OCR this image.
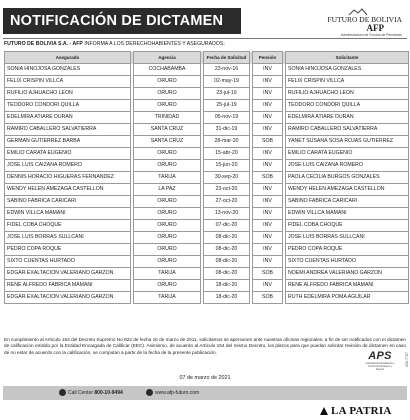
NOTIFICACIÓN DE DICTAMEN	FUTURO DE BOLIVIA
AFP
Administradora de Fondos de Pensiones
FUTURO DE BOLIVIA S.A. - AFP INFORMA A LOS DERECHOHABIENTES Y ASEGURADOS:
Asegurado		Agencia		Fecha de Solicitud		Pensión		Solicitante
SONIA HINOJOSA GONZALES		COCHABAMBA		23-nov-16		INV		SONIA HINOJOSA GONZALES
FELIX CRISPIN VILLCA		ORURO		02-may-19		INV		FELIX CRISPIN VILLCA
RUFILIO AJHUACHO LEON		ORURO		23-jul-19		INV		RUFILIO AJHUACHO LEON
TEODORO CONDORI QUILLA		ORURO		25-jul-19		INV		TEODORO CONDORI QUILLA
EDELMIRA ATIARE DURAN		TRINIDAD		05-nov-19		INV		EDELMIRA ATIARE DURAN
RAMIRO CABALLERO SALVATIERRA		SANTA CRUZ		31-dic-19		INV		RAMIRO CABALLERO SALVATIERRA
GERMAN GUTIERREZ BARBA		SANTA CRUZ		28-mar-20		SOB		YANET SUSANA SOSA ROJAS GUTIERREZ
EMILIO CARATA EUGENIO		ORURO		15-abr-20		INV		EMILIO CARATA EUGENIO
JOSE LUIS CAIZANA ROMERO		ORURO		15-jun-20		INV		JOSE LUIS CAIZANA ROMERO
DENNIS HORACIO HIGUERAS FERNANDEZ		TARIJA		30-sep-20		SOB		PAOLA CECILIA BURGOS GONZALES
WENDY HELEN AMEZAGA CASTELLON		LA PAZ		23-oct-20		INV		WENDY HELEN AMEZAGA CASTELLON
SABINO FABRICA CARICARI		ORURO		27-oct-20		INV		SABINO FABRICA CARICARI
EDWIN VILLCA MAMANI		ORURO		13-nov-20		INV		EDWIN VILLCA MAMANI
FIDEL COBA CHOQUE		ORURO		07-dic-20		INV		FIDEL COBA CHOQUE
JOSE LUIS BORRAS SULLCANI		ORURO		08-dic-20		INV		JOSE LUIS BORRAS SULLCANI
PEDRO COPA ROQUE		ORURO		08-dic-20		INV		PEDRO COPA ROQUE
SIXTO CUENTAS HURTADO		ORURO		08-dic-20		INV		SIXTO CUENTAS HURTADO
EDGAR EXALTACION VALERIANO GARZON		TARIJA		08-dic-20		SOB		NOEMI ANDREA VALERIANO GARZON
RENE ALFREDO FABRICA MAMANI		ORURO		18-dic-20		INV		RENE ALFREDO FABRICA MAMANI
EDGAR EXALTACION VALERIANO GARZON		TARIJA		18-dic-20		SOB		RUTH EDELMIRA POMA AGUILAR
En cumplimiento al Artículo 153 del Decreto Supremo No 822 de fecha 16 de marzo de 2011, solicitamos se apersonen ante nuestras oficinas regionales, a fin de ser notificados con el dictamen de calificación emitido por la Entidad Encargada de Calificar (EEC). Asimismo, de acuerdo al Artículo 154 del mismo Decreto, los plazos para que puedan solicitar revisión de dictamen en caso de no estar de acuerdo con la calificación, se computan a partir de la fecha de la presente publicación.
07 de marzo de 2021
035-7767
APS
Autoridad de Fiscalización y Control de Pensiones y Seguros
Call Center 800-10-9494	www.afp-futuro.com
LA PATRIA
